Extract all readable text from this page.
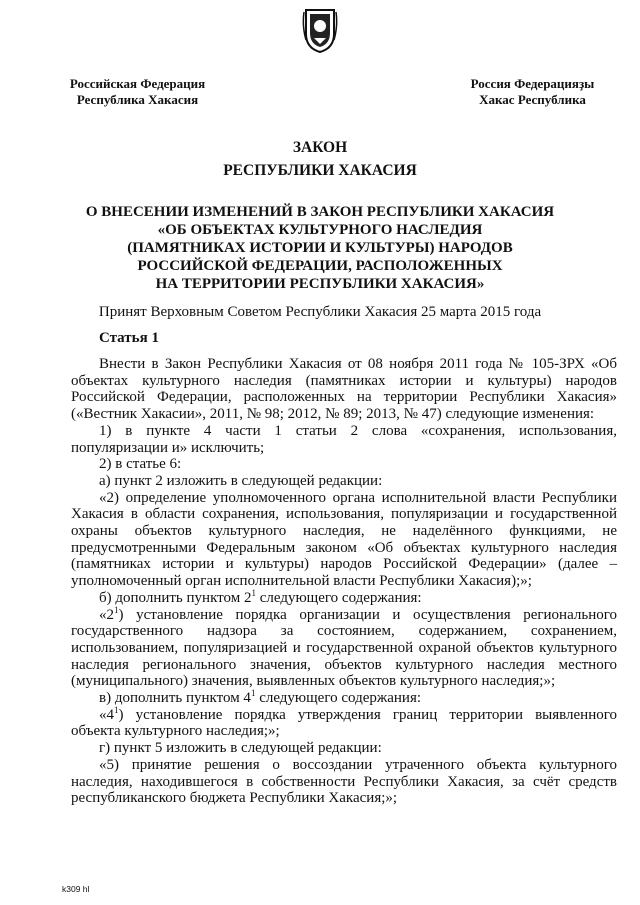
Российская Федерация
Республика Хакасия
Россия Федерацияҙы
Хакас Республика
ЗАКОН
РЕСПУБЛИКИ ХАКАСИЯ
О ВНЕСЕНИИ ИЗМЕНЕНИЙ В ЗАКОН РЕСПУБЛИКИ ХАКАСИЯ
«ОБ ОБЪЕКТАХ КУЛЬТУРНОГО НАСЛЕДИЯ
(ПАМЯТНИКАХ ИСТОРИИ И КУЛЬТУРЫ) НАРОДОВ
РОССИЙСКОЙ ФЕДЕРАЦИИ, РАСПОЛОЖЕННЫХ
НА ТЕРРИТОРИИ РЕСПУБЛИКИ ХАКАСИЯ»
Принят Верховным Советом Республики Хакасия 25 марта 2015 года
Статья 1

Внести в Закон Республики Хакасия от 08 ноября 2011 года № 105-ЗРХ «Об объектах культурного наследия (памятниках истории и культуры) народов Российской Федерации, расположенных на территории Республики Хакасия» («Вестник Хакасии», 2011, № 98; 2012, № 89; 2013, № 47) следующие изменения:

1) в пункте 4 части 1 статьи 2 слова «сохранения, использования, популяризации и» исключить;

2) в статье 6:

а) пункт 2 изложить в следующей редакции:

«2) определение уполномоченного органа исполнительной власти Республики Хакасия в области сохранения, использования, популяризации и государственной охраны объектов культурного наследия, не наделённого функциями, не предусмотренными Федеральным законом «Об объектах культурного наследия (памятниках истории и культуры) народов Российской Федерации» (далее – уполномоченный орган исполнительной власти Республики Хакасия);»;

б) дополнить пунктом $2^1$ следующего содержания:

«$2^1$) установление порядка организации и осуществления регионального государственного надзора за состоянием, содержанием, сохранением, использованием, популяризацией и государственной охраной объектов культурного наследия регионального значения, объектов культурного наследия местного (муниципального) значения, выявленных объектов культурного наследия;»;

в) дополнить пунктом $4^1$ следующего содержания:

«$4^1$) установление порядка утверждения границ территории выявленного объекта культурного наследия;»;

г) пункт 5 изложить в следующей редакции:

«5) принятие решения о воссоздании утраченного объекта культурного наследия, находившегося в собственности Республики Хакасия, за счёт средств республиканского бюджета Республики Хакасия;»;

k309 hl
